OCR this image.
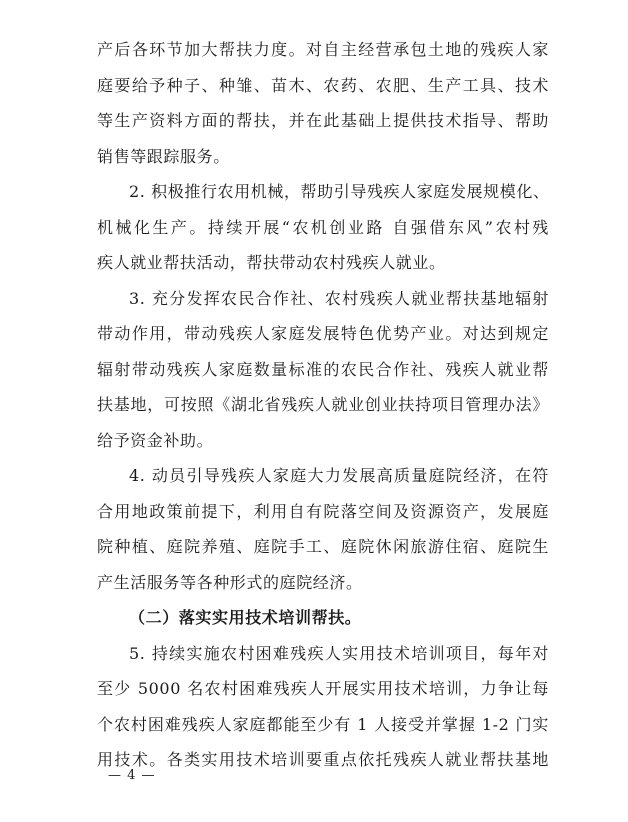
产后各环节加大帮扶力度。对自主经营承包土地的残疾人家
庭要给予种子、种雏、苗木、农药、农肥、生产工具、技术
等生产资料方面的帮扶，并在此基础上提供技术指导、帮助
销售等跟踪服务。
2. 积极推行农用机械，帮助引导残疾人家庭发展规模化、
机械化生产。持续开展“农机创业路 自强借东风”农村残
疾人就业帮扶活动，帮扶带动农村残疾人就业。
3. 充分发挥农民合作社、农村残疾人就业帮扶基地辐射
带动作用，带动残疾人家庭发展特色优势产业。对达到规定
辐射带动残疾人家庭数量标准的农民合作社、残疾人就业帮
扶基地，可按照《湖北省残疾人就业创业扶持项目管理办法》
给予资金补助。
4. 动员引导残疾人家庭大力发展高质量庭院经济，在符
合用地政策前提下，利用自有院落空间及资源资产，发展庭
院种植、庭院养殖、庭院手工、庭院休闲旅游住宿、庭院生
产生活服务等各种形式的庭院经济。
（二）落实实用技术培训帮扶。
5. 持续实施农村困难残疾人实用技术培训项目，每年对
至少 5000 名农村困难残疾人开展实用技术培训，力争让每
个农村困难残疾人家庭都能至少有 1 人接受并掌握 1-2 门实
用技术。各类实用技术培训要重点依托残疾人就业帮扶基地
— 4 —
